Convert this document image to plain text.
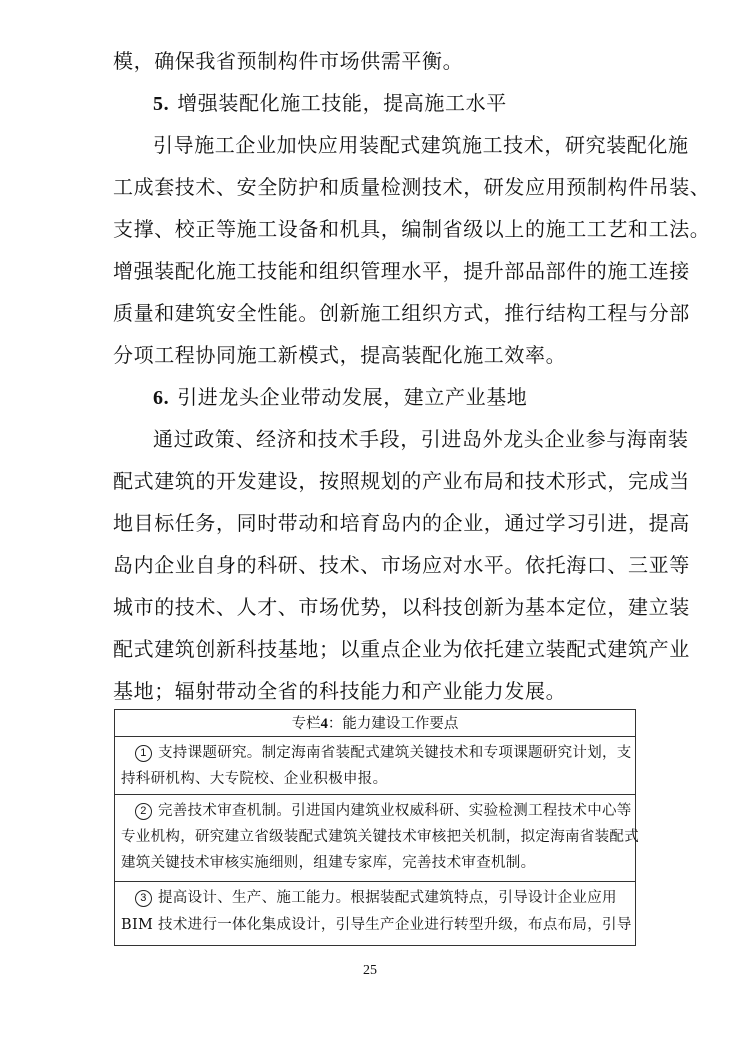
模，确保我省预制构件市场供需平衡。
5. 增强装配化施工技能，提高施工水平
引导施工企业加快应用装配式建筑施工技术，研究装配化施
工成套技术、安全防护和质量检测技术，研发应用预制构件吊装、
支撑、校正等施工设备和机具，编制省级以上的施工工艺和工法。
增强装配化施工技能和组织管理水平，提升部品部件的施工连接
质量和建筑安全性能。创新施工组织方式，推行结构工程与分部
分项工程协同施工新模式，提高装配化施工效率。
6. 引进龙头企业带动发展，建立产业基地
通过政策、经济和技术手段，引进岛外龙头企业参与海南装
配式建筑的开发建设，按照规划的产业布局和技术形式，完成当
地目标任务，同时带动和培育岛内的企业，通过学习引进，提高
岛内企业自身的科研、技术、市场应对水平。依托海口、三亚等
城市的技术、人才、市场优势，以科技创新为基本定位，建立装
配式建筑创新科技基地；以重点企业为依托建立装配式建筑产业
专栏4：能力建设工作要点
1 支持课题研究。制定海南省装配式建筑关键技术和专项课题研究计划，支
持科研机构、大专院校、企业积极申报。
2 完善技术审查机制。引进国内建筑业权威科研、实验检测工程技术中心等
专业机构，研究建立省级装配式建筑关键技术审核把关机制，拟定海南省装配式
建筑关键技术审核实施细则，组建专家库，完善技术审查机制。
3 提高设计、生产、施工能力。根据装配式建筑特点，引导设计企业应用
BIM 技术进行一体化集成设计，引导生产企业进行转型升级，布点布局，引导
25
基地；辐射带动全省的科技能力和产业能力发展。
